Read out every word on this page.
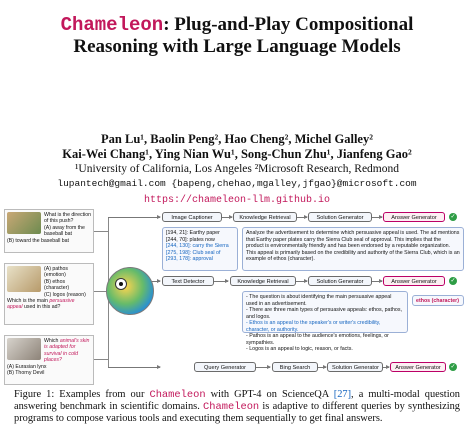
Chameleon: Plug-and-Play Compositional
Reasoning with Large Language Models
Pan Lu¹, Baolin Peng², Hao Cheng², Michel Galley²
Kai-Wei Chang¹, Ying Nian Wu¹, Song-Chun Zhu¹, Jianfeng Gao²
¹University of California, Los Angeles ²Microsoft Research, Redmond
lupantech@gmail.com {bapeng,chehao,mgalley,jfgao}@microsoft.com
https://chameleon-llm.github.io
What is the direction of this push?
(A) away from the baseball bat
(B) toward the baseball bat
(A) pathos (emotion)
(B) ethos (character)
(C) logos (reason)
Which is the main persuasive appeal used in this ad?
Which animal's skin is adapted for survival in cold places?
(A) Eurasian lynx
(B) Thorny Devil
Image Captioner	Knowledge Retrieval	Solution Generator	Answer Generator	✓
[194, 21]: Earthy paper
[244, 70]: plates now
[244, 130]: carry the Sierra
[275, 198]: Club seal of
[293, 178]: approval
Analyze the advertisement to determine which persuasive appeal is used. The ad mentions that Earthy paper plates carry the Sierra Club seal of approval. This implies that the product is environmentally friendly and has been endorsed by a reputable organization. This appeal is primarily based on the credibility and authority of the Sierra Club, which is an example of ethos (character).
Text Detector	Knowledge Retrieval	Solution Generator	Answer Generator	✓
- The question is about identifying the main persuasive appeal used in an advertisement.
- There are three main types of persuasive appeals: ethos, pathos, and logos.
- Ethos is an appeal to the speaker's or writer's credibility, character, or authority.
- Pathos is an appeal to the audience's emotions, feelings, or sympathies.
- Logos is an appeal to logic, reason, or facts.
ethos (character)
Query Generator	Bing Search	Solution Generator	Answer Generator	✓
Figure 1: Examples from our Chameleon with GPT-4 on ScienceQA [27], a multi-modal question answering benchmark in scientific domains. Chameleon is adaptive to different queries by synthesizing programs to compose various tools and executing them sequentially to get final answers.
